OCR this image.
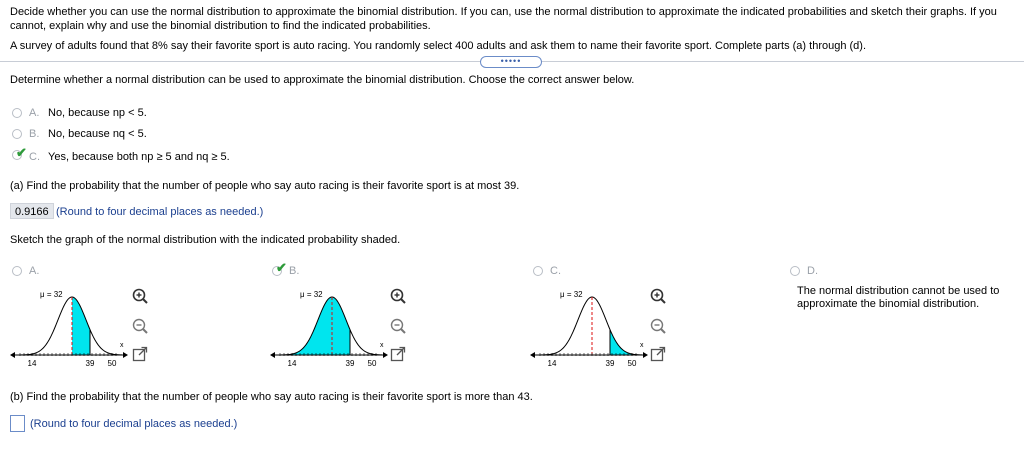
Decide whether you can use the normal distribution to approximate the binomial distribution. If you can, use the normal distribution to approximate the indicated probabilities and sketch their graphs. If you cannot, explain why and use the binomial distribution to find the indicated probabilities.
A survey of adults found that 8% say their favorite sport is auto racing. You randomly select 400 adults and ask them to name their favorite sport. Complete parts (a) through (d).
•••••
Determine whether a normal distribution can be used to approximate the binomial distribution. Choose the correct answer below.
A. No, because np < 5.
B. No, because nq < 5.
✔ C. Yes, because both np ≥ 5 and nq ≥ 5.
(a) Find the probability that the number of people who say auto racing is their favorite sport is at most 39.
0.9166 (Round to four decimal places as needed.)
Sketch the graph of the normal distribution with the indicated probability shaded.
A.
μ = 32
x
14	39 50
✔ B.
μ = 32
x
14	39 50
C.
μ = 32
x
14	39 50
D.
The normal distribution cannot be used to
approximate the binomial distribution.
(b) Find the probability that the number of people who say auto racing is their favorite sport is more than 43.
(Round to four decimal places as needed.)
